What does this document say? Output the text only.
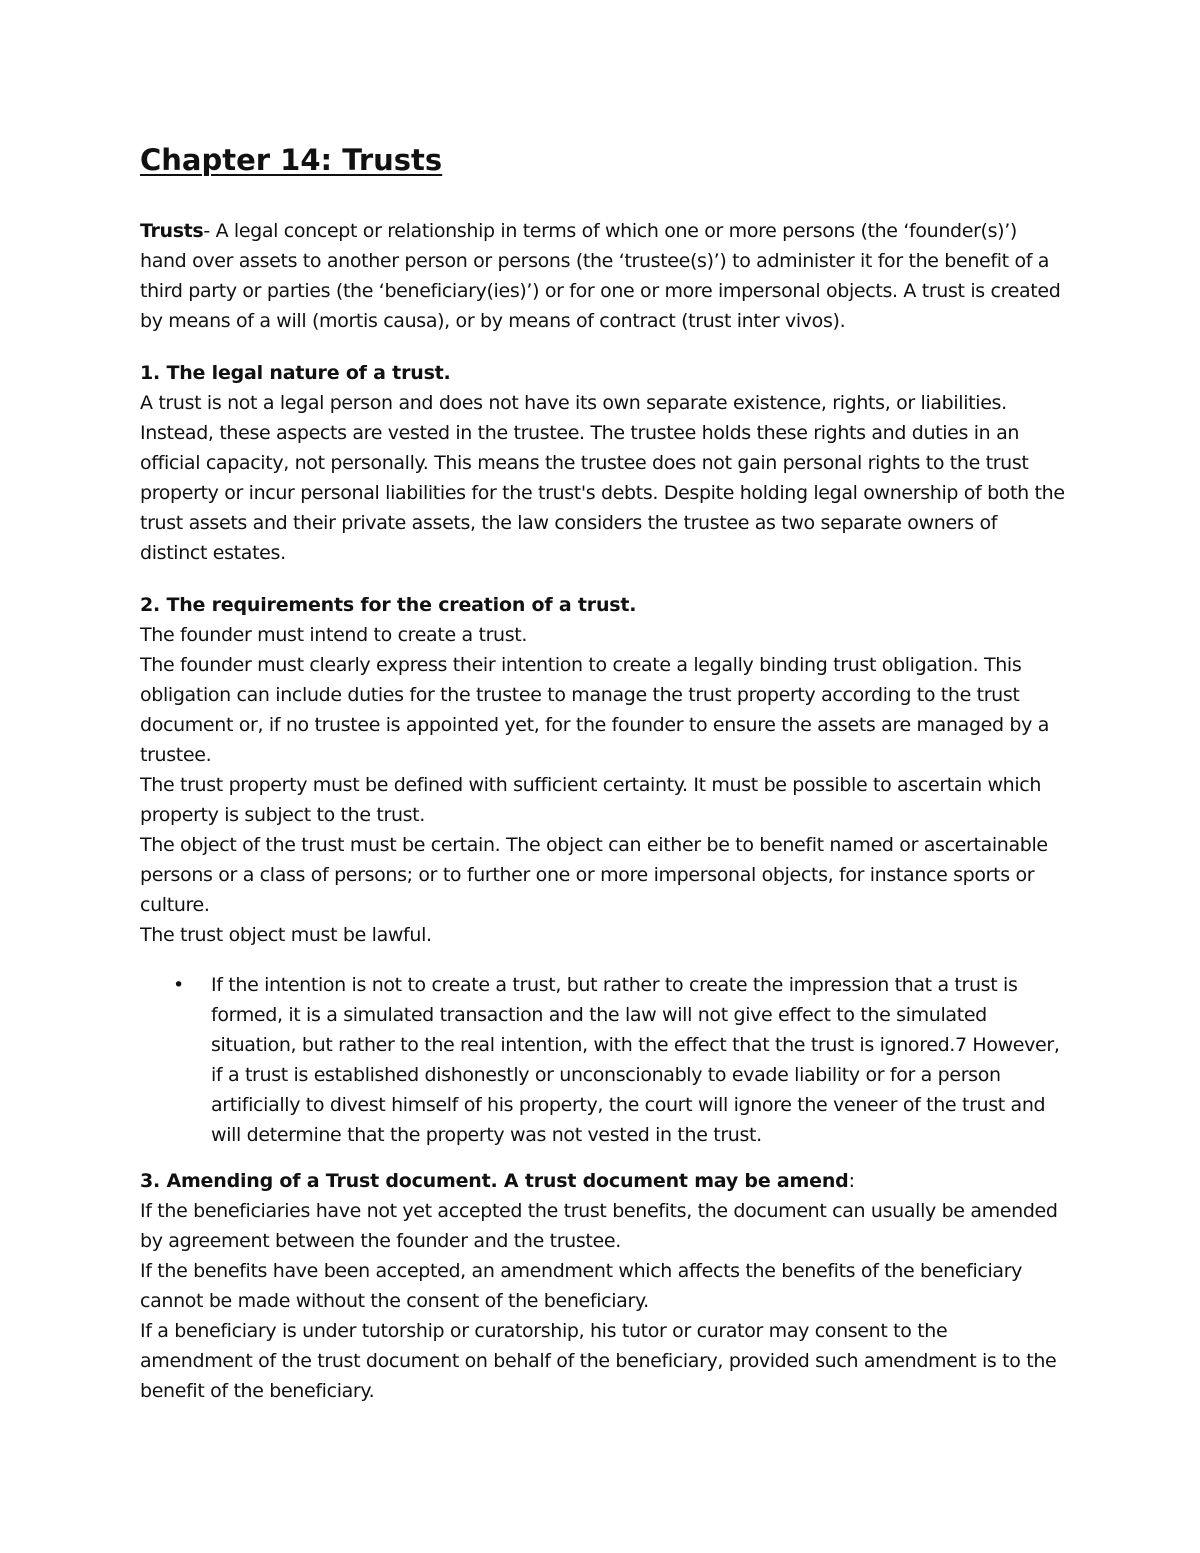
Chapter 14: Trusts

Trusts- A legal concept or relationship in terms of which one or more persons (the ‘founder(s)’) hand over assets to another person or persons (the ‘trustee(s)’) to administer it for the benefit of a third party or parties (the ‘beneficiary(ies)’) or for one or more impersonal objects. A trust is created by means of a will (mortis causa), or by means of contract (trust inter vivos).

1. The legal nature of a trust.

A trust is not a legal person and does not have its own separate existence, rights, or liabilities. Instead, these aspects are vested in the trustee. The trustee holds these rights and duties in an official capacity, not personally. This means the trustee does not gain personal rights to the trust property or incur personal liabilities for the trust's debts. Despite holding legal ownership of both the trust assets and their private assets, the law considers the trustee as two separate owners of distinct estates.

2. The requirements for the creation of a trust.

The founder must intend to create a trust.

The founder must clearly express their intention to create a legally binding trust obligation. This obligation can include duties for the trustee to manage the trust property according to the trust document or, if no trustee is appointed yet, for the founder to ensure the assets are managed by a trustee.

The trust property must be defined with sufficient certainty. It must be possible to ascertain which property is subject to the trust.

The object of the trust must be certain. The object can either be to benefit named or ascertainable persons or a class of persons; or to further one or more impersonal objects, for instance sports or culture.

The trust object must be lawful.

• If the intention is not to create a trust, but rather to create the impression that a trust is formed, it is a simulated transaction and the law will not give effect to the simulated situation, but rather to the real intention, with the effect that the trust is ignored.7 However, if a trust is established dishonestly or unconscionably to evade liability or for a person artificially to divest himself of his property, the court will ignore the veneer of the trust and will determine that the property was not vested in the trust.

3. Amending of a Trust document. A trust document may be amend:

If the beneficiaries have not yet accepted the trust benefits, the document can usually be amended by agreement between the founder and the trustee.

If the benefits have been accepted, an amendment which affects the benefits of the beneficiary cannot be made without the consent of the beneficiary.

If a beneficiary is under tutorship or curatorship, his tutor or curator may consent to the amendment of the trust document on behalf of the beneficiary, provided such amendment is to the benefit of the beneficiary.
